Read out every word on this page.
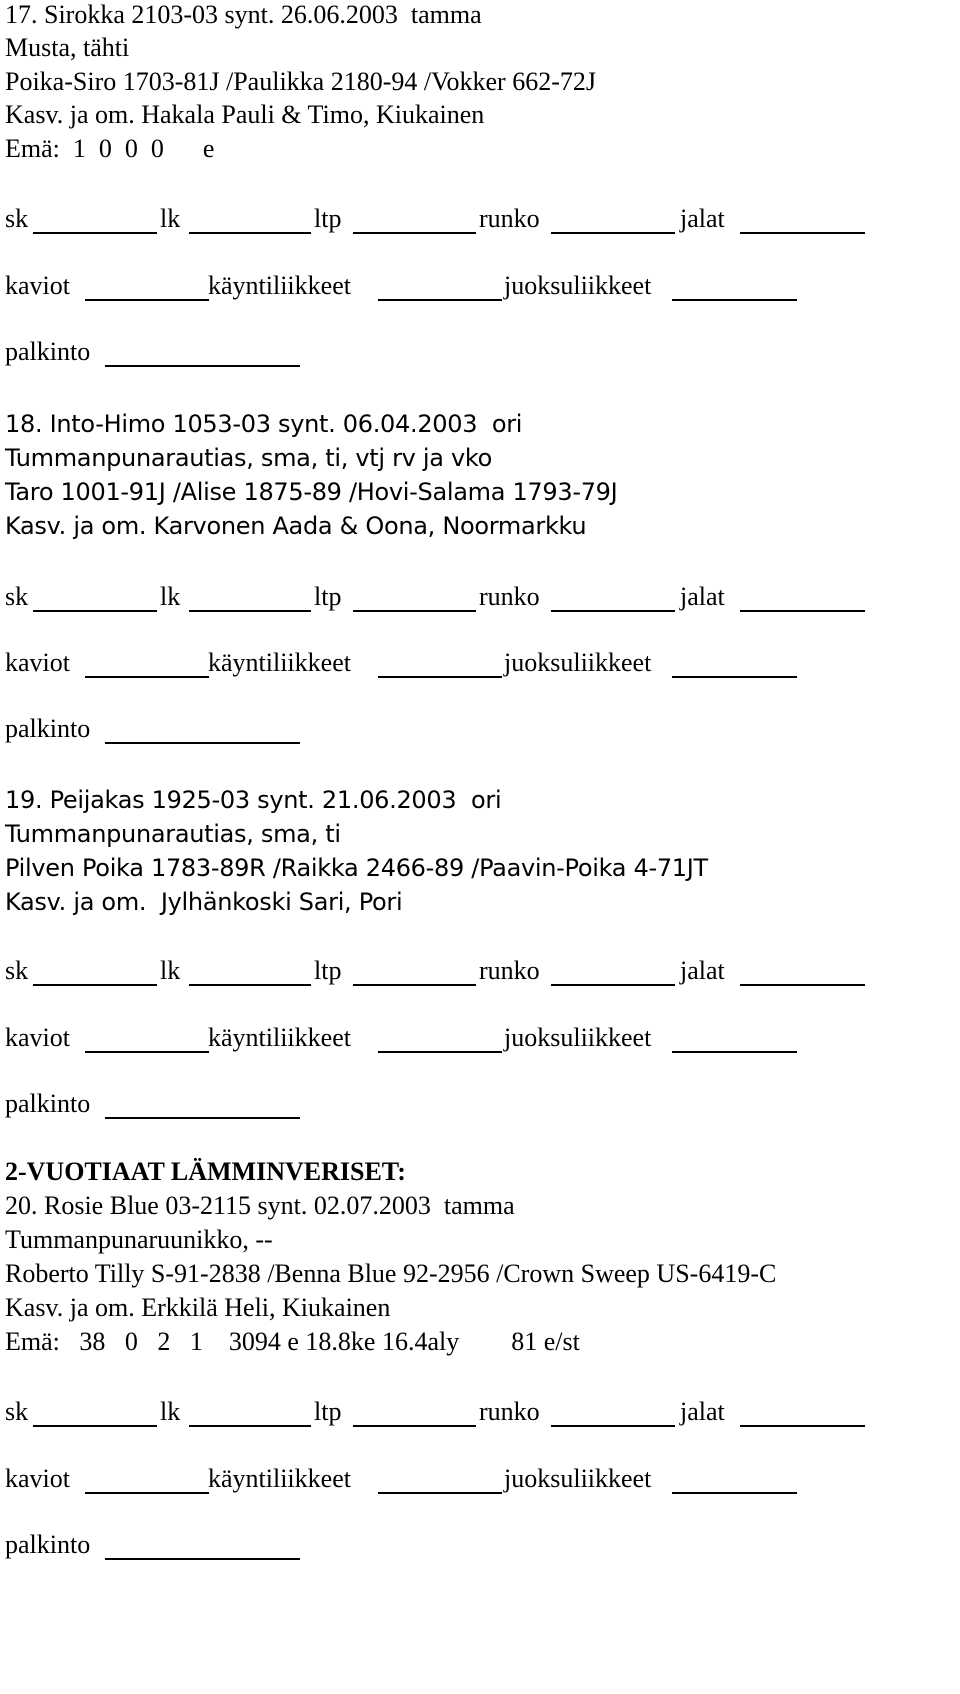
17. Sirokka 2103-03 synt. 26.06.2003  tamma
Musta, tähti
Poika-Siro 1703-81J /Paulikka 2180-94 /Vokker 662-72J
Kasv. ja om. Hakala Pauli & Timo, Kiukainen
Emä:  1  0  0  0      e
sk	lk	ltp	runko	jalat
kaviot	käyntiliikkeet	juoksuliikkeet
palkinto
18. Into-Himo 1053-03 synt. 06.04.2003  ori
Tummanpunarautias, sma, ti, vtj rv ja vko
Taro 1001-91J /Alise 1875-89 /Hovi-Salama 1793-79J
Kasv. ja om. Karvonen Aada & Oona, Noormarkku
sk	lk	ltp	runko	jalat
kaviot	käyntiliikkeet	juoksuliikkeet
palkinto
19. Peijakas 1925-03 synt. 21.06.2003  ori
Tummanpunarautias, sma, ti
Pilven Poika 1783-89R /Raikka 2466-89 /Paavin-Poika 4-71JT
Kasv. ja om.  Jylhänkoski Sari, Pori
sk	lk	ltp	runko	jalat
kaviot	käyntiliikkeet	juoksuliikkeet
palkinto
2-VUOTIAAT LÄMMINVERISET:
20. Rosie Blue 03-2115 synt. 02.07.2003  tamma
Tummanpunaruunikko, --
Roberto Tilly S-91-2838 /Benna Blue 92-2956 /Crown Sweep US-6419-C
Kasv. ja om. Erkkilä Heli, Kiukainen
Emä:   38   0   2   1    3094 e 18.8ke 16.4aly        81 e/st
sk	lk	ltp	runko	jalat
kaviot	käyntiliikkeet	juoksuliikkeet
palkinto
